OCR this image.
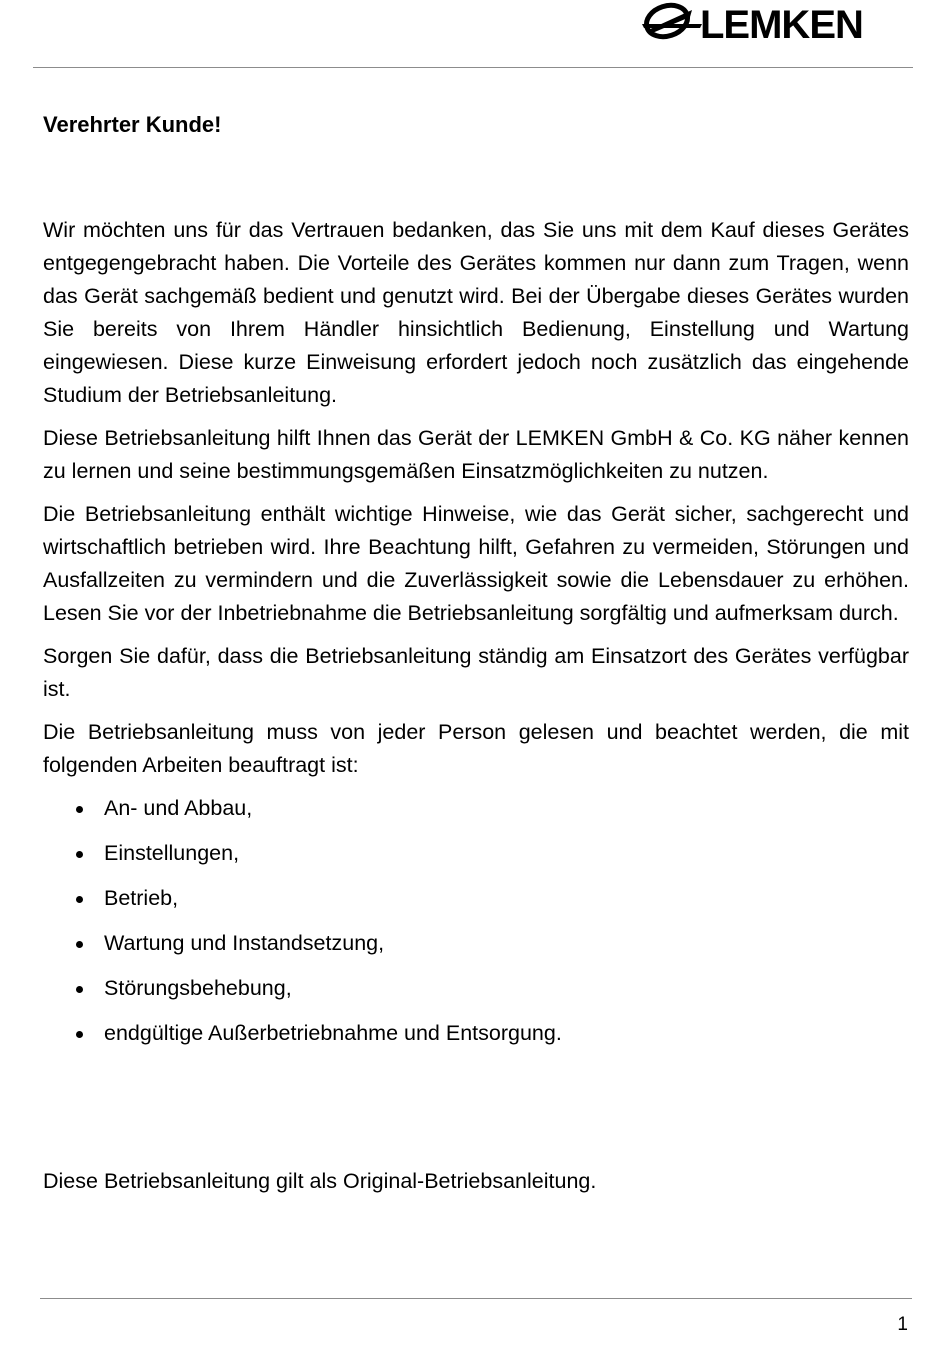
LEMKEN
Verehrter Kunde!

Wir möchten uns für das Vertrauen bedanken, das Sie uns mit dem Kauf dieses Gerätes entgegengebracht haben. Die Vorteile des Gerätes kommen nur dann zum Tragen, wenn das Gerät sachgemäß bedient und genutzt wird. Bei der Übergabe dieses Gerätes wurden Sie bereits von Ihrem Händler hinsichtlich Bedienung, Einstellung und Wartung eingewiesen. Diese kurze Einweisung erfordert jedoch noch zusätzlich das eingehende Studium der Betriebsanleitung.

Diese Betriebsanleitung hilft Ihnen das Gerät der LEMKEN GmbH & Co. KG näher kennen zu lernen und seine bestimmungsgemäßen Einsatzmöglichkeiten zu nutzen.

Die Betriebsanleitung enthält wichtige Hinweise, wie das Gerät sicher, sachgerecht und wirtschaftlich betrieben wird. Ihre Beachtung hilft, Gefahren zu vermeiden, Störungen und Ausfallzeiten zu vermindern und die Zuverlässigkeit sowie die Lebensdauer zu erhöhen. Lesen Sie vor der Inbetriebnahme die Betriebsanleitung sorgfältig und aufmerksam durch.

Sorgen Sie dafür, dass die Betriebsanleitung ständig am Einsatzort des Gerätes verfügbar ist.

Die Betriebsanleitung muss von jeder Person gelesen und beachtet werden, die mit folgenden Arbeiten beauftragt ist:

An- und Abbau,
Einstellungen,
Betrieb,
Wartung und Instandsetzung,
Störungsbehebung,
endgültige Außerbetriebnahme und Entsorgung.
Diese Betriebsanleitung gilt als Original-Betriebsanleitung.
1
